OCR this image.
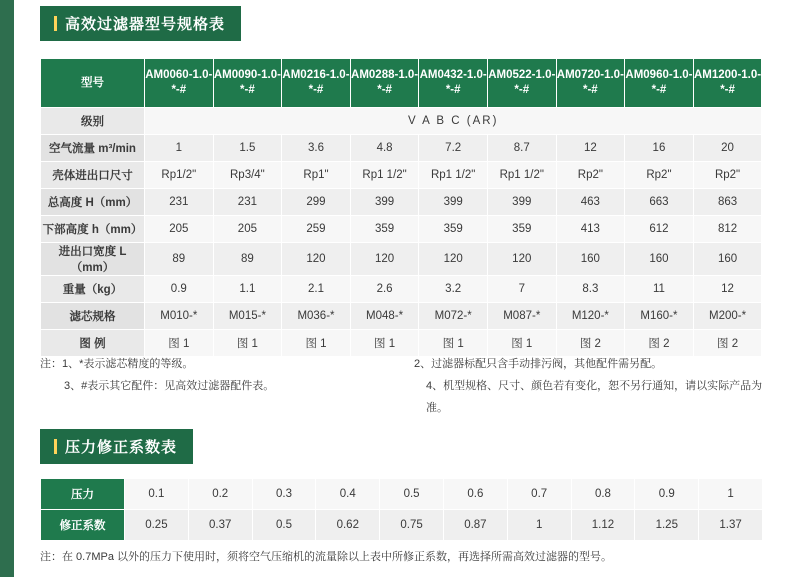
高效过滤器型号规格表
型号	AM0060-1.0-*-#	AM0090-1.0-*-#	AM0216-1.0-*-#	AM0288-1.0-*-#	AM0432-1.0-*-#	AM0522-1.0-*-#	AM0720-1.0-*-#	AM0960-1.0-*-#	AM1200-1.0-*-#
级别	V A B C (AR)								
空气流量 m³/min	1	1.5	3.6	4.8	7.2	8.7	12	16	20
壳体进出口尺寸	Rp1/2"	Rp3/4"	Rp1"	Rp1 1/2"	Rp1 1/2"	Rp1 1/2"	Rp2"	Rp2"	Rp2"
总高度 H（mm）	231	231	299	399	399	399	463	663	863
下部高度 h（mm）	205	205	259	359	359	359	413	612	812
进出口宽度 L（mm）	89	89	120	120	120	120	160	160	160
重量（kg）	0.9	1.1	2.1	2.6	3.2	7	8.3	11	12
滤芯规格	M010-*	M015-*	M036-*	M048-*	M072-*	M087-*	M120-*	M160-*	M200-*
图 例	图 1	图 1	图 1	图 1	图 1	图 1	图 2	图 2	图 2
注：1、*表示滤芯精度的等级。	2、过滤器标配只含手动排污阀，其他配件需另配。
3、#表示其它配件：见高效过滤器配件表。	4、机型规格、尺寸、颜色若有变化，恕不另行通知，请以实际产品为准。
压力修正系数表
压力	0.1	0.2	0.3	0.4	0.5	0.6	0.7	0.8	0.9	1
修正系数	0.25	0.37	0.5	0.62	0.75	0.87	1	1.12	1.25	1.37
注：在 0.7MPa 以外的压力下使用时，须将空气压缩机的流量除以上表中所修正系数，再选择所需高效过滤器的型号。
